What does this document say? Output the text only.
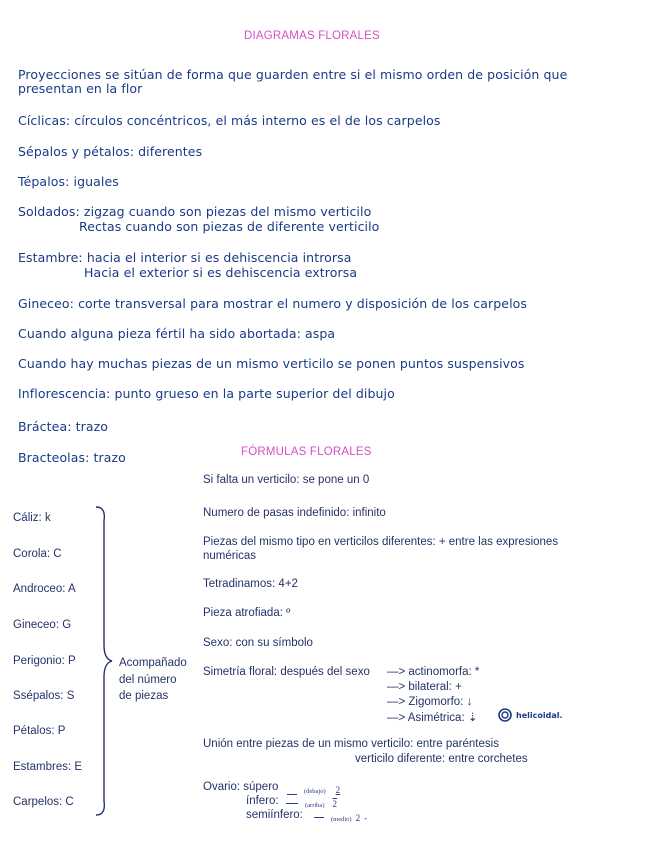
DIAGRAMAS FLORALES
FÓRMULAS FLORALES
Proyecciones se sitúan de forma que guarden entre si el mismo orden de posición que
presentan en la flor
Cíclicas: círculos concéntricos, el más interno es el de los carpelos
Sépalos y pétalos: diferentes
Tépalos: iguales
Soldados: zigzag cuando son piezas del mismo verticilo
Rectas cuando son piezas de diferente verticilo
Estambre: hacia el interior si es dehiscencia introrsa
Hacia el exterior si es dehiscencia extrorsa
Gineceo: corte transversal para mostrar el numero y disposición de los carpelos
Cuando alguna pieza fértil ha sido abortada: aspa
Cuando hay muchas piezas de un mismo verticilo se ponen puntos suspensivos
Inflorescencia: punto grueso en la parte superior del dibujo
Bráctea: trazo
Bracteolas: trazo
Cáliz: k
Corola: C
Androceo: A
Gineceo: G
Perigonio: P
Ssépalos: S
Pétalos: P
Estambres: E
Carpelos: C
Acompañado
del número
de piezas
Si falta un verticilo: se pone un 0
Numero de pasas indefinido: infinito
Piezas del mismo tipo en verticilos diferentes: + entre las expresiones
numéricas
Tetradinamos: 4+2
Pieza atrofiada: º
Sexo: con su símbolo
Simetría floral: después del sexo —> actinomorfa: *
—> bilateral: +
—> Zigomorfo: ↓
—> Asimétrica: ⇣	helicoidal.
Unión entre piezas de un mismo verticilo: entre paréntesis
verticilo diferente: entre corchetes
Ovario: súpero	(debajo) 2
ínfero:	(arriba) 2
semiínfero:	(medio) 2 -
